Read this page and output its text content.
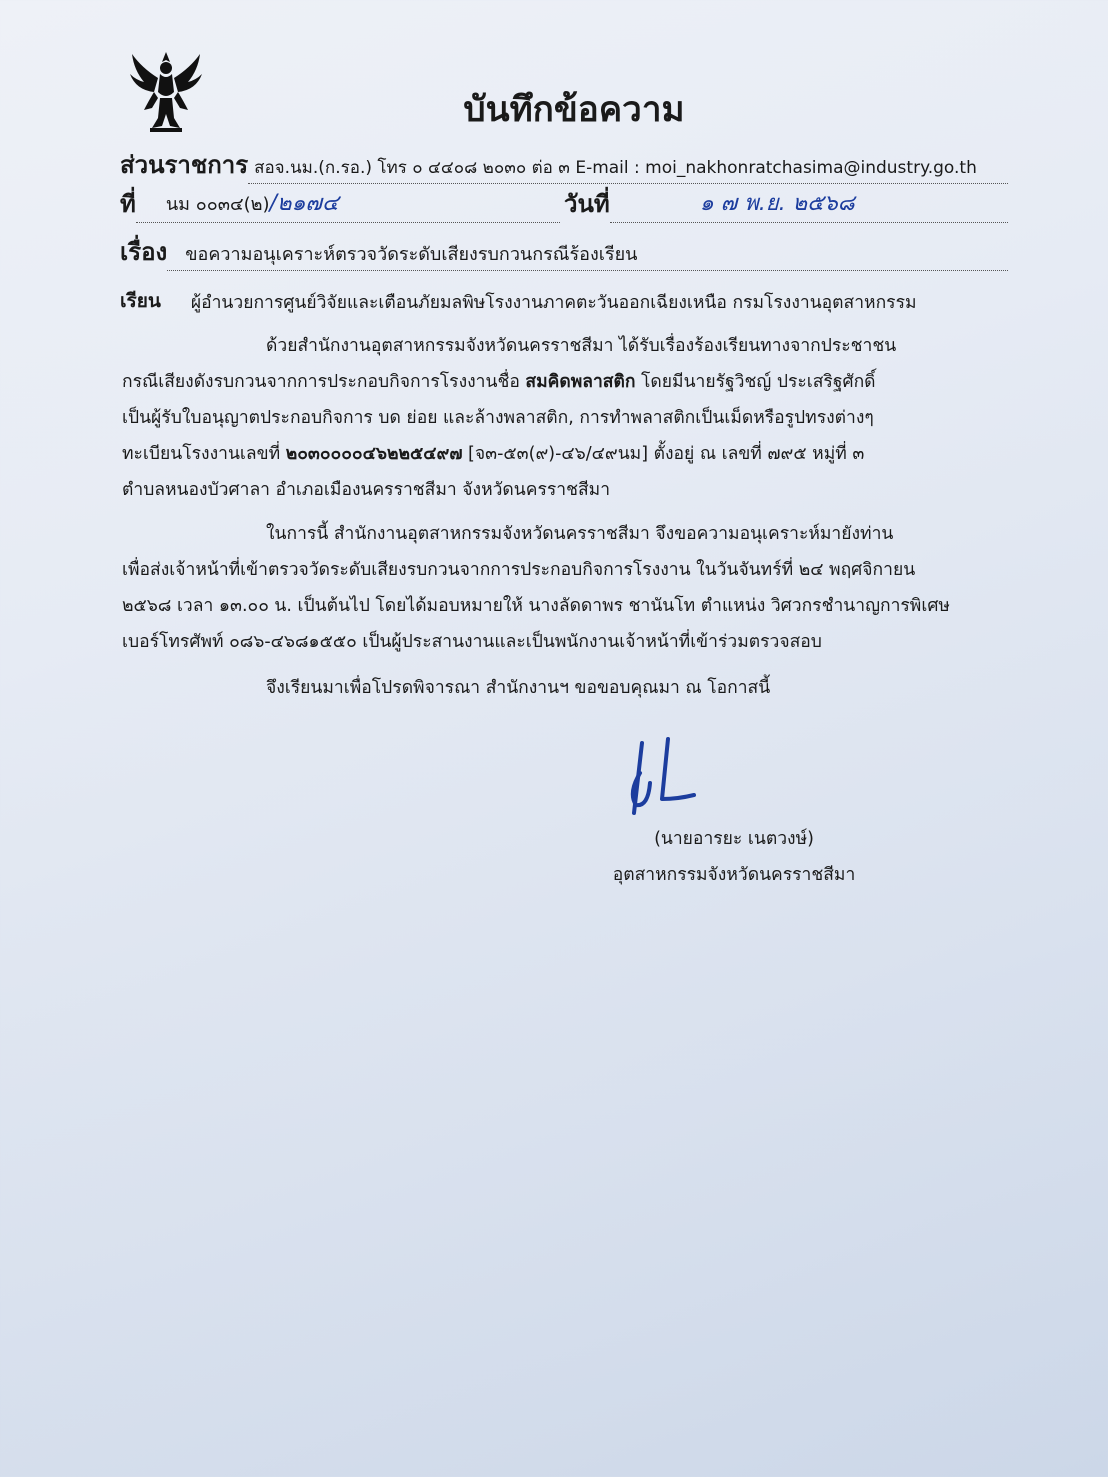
บันทึกข้อความ
ส่วนราชการ สอจ.นม.(ก.รอ.) โทร ๐ ๔๔๐๘ ๒๐๓๐ ต่อ ๓ E-mail : moi_nakhonratchasima@industry.go.th
ที่	นม ๐๐๓๔(๒)/๒๑๗๔	วันที่	๑ ๗ พ.ย. ๒๕๖๘
เรื่อง	ขอความอนุเคราะห์ตรวจวัดระดับเสียงรบกวนกรณีร้องเรียน
เรียน	ผู้อำนวยการศูนย์วิจัยและเตือนภัยมลพิษโรงงานภาคตะวันออกเฉียงเหนือ กรมโรงงานอุตสาหกรรม
ด้วยสำนักงานอุตสาหกรรมจังหวัดนครราชสีมา ได้รับเรื่องร้องเรียนทางจากประชาชน
กรณีเสียงดังรบกวนจากการประกอบกิจการโรงงานชื่อ สมคิดพลาสติก โดยมีนายรัฐวิชญ์ ประเสริฐศักดิ์
เป็นผู้รับใบอนุญาตประกอบกิจการ บด ย่อย และล้างพลาสติก, การทำพลาสติกเป็นเม็ดหรือรูปทรงต่างๆ
ทะเบียนโรงงานเลขที่ ๒๐๓๐๐๐๐๔๖๒๒๕๔๙๗ [จ๓-๕๓(๙)-๔๖/๔๙นม] ตั้งอยู่ ณ เลขที่ ๗๙๕ หมู่ที่ ๓
ตำบลหนองบัวศาลา อำเภอเมืองนครราชสีมา จังหวัดนครราชสีมา
ในการนี้ สำนักงานอุตสาหกรรมจังหวัดนครราชสีมา จึงขอความอนุเคราะห์มายังท่าน
เพื่อส่งเจ้าหน้าที่เข้าตรวจวัดระดับเสียงรบกวนจากการประกอบกิจการโรงงาน ในวันจันทร์ที่ ๒๔ พฤศจิกายน
๒๕๖๘ เวลา ๑๓.๐๐ น. เป็นต้นไป โดยได้มอบหมายให้ นางลัดดาพร ชานันโท ตำแหน่ง วิศวกรชำนาญการพิเศษ
เบอร์โทรศัพท์ ๐๘๖-๔๖๘๑๕๕๐ เป็นผู้ประสานงานและเป็นพนักงานเจ้าหน้าที่เข้าร่วมตรวจสอบ
จึงเรียนมาเพื่อโปรดพิจารณา สำนักงานฯ ขอขอบคุณมา ณ โอกาสนี้
(นายอารยะ เนตวงษ์)
อุตสาหกรรมจังหวัดนครราชสีมา
